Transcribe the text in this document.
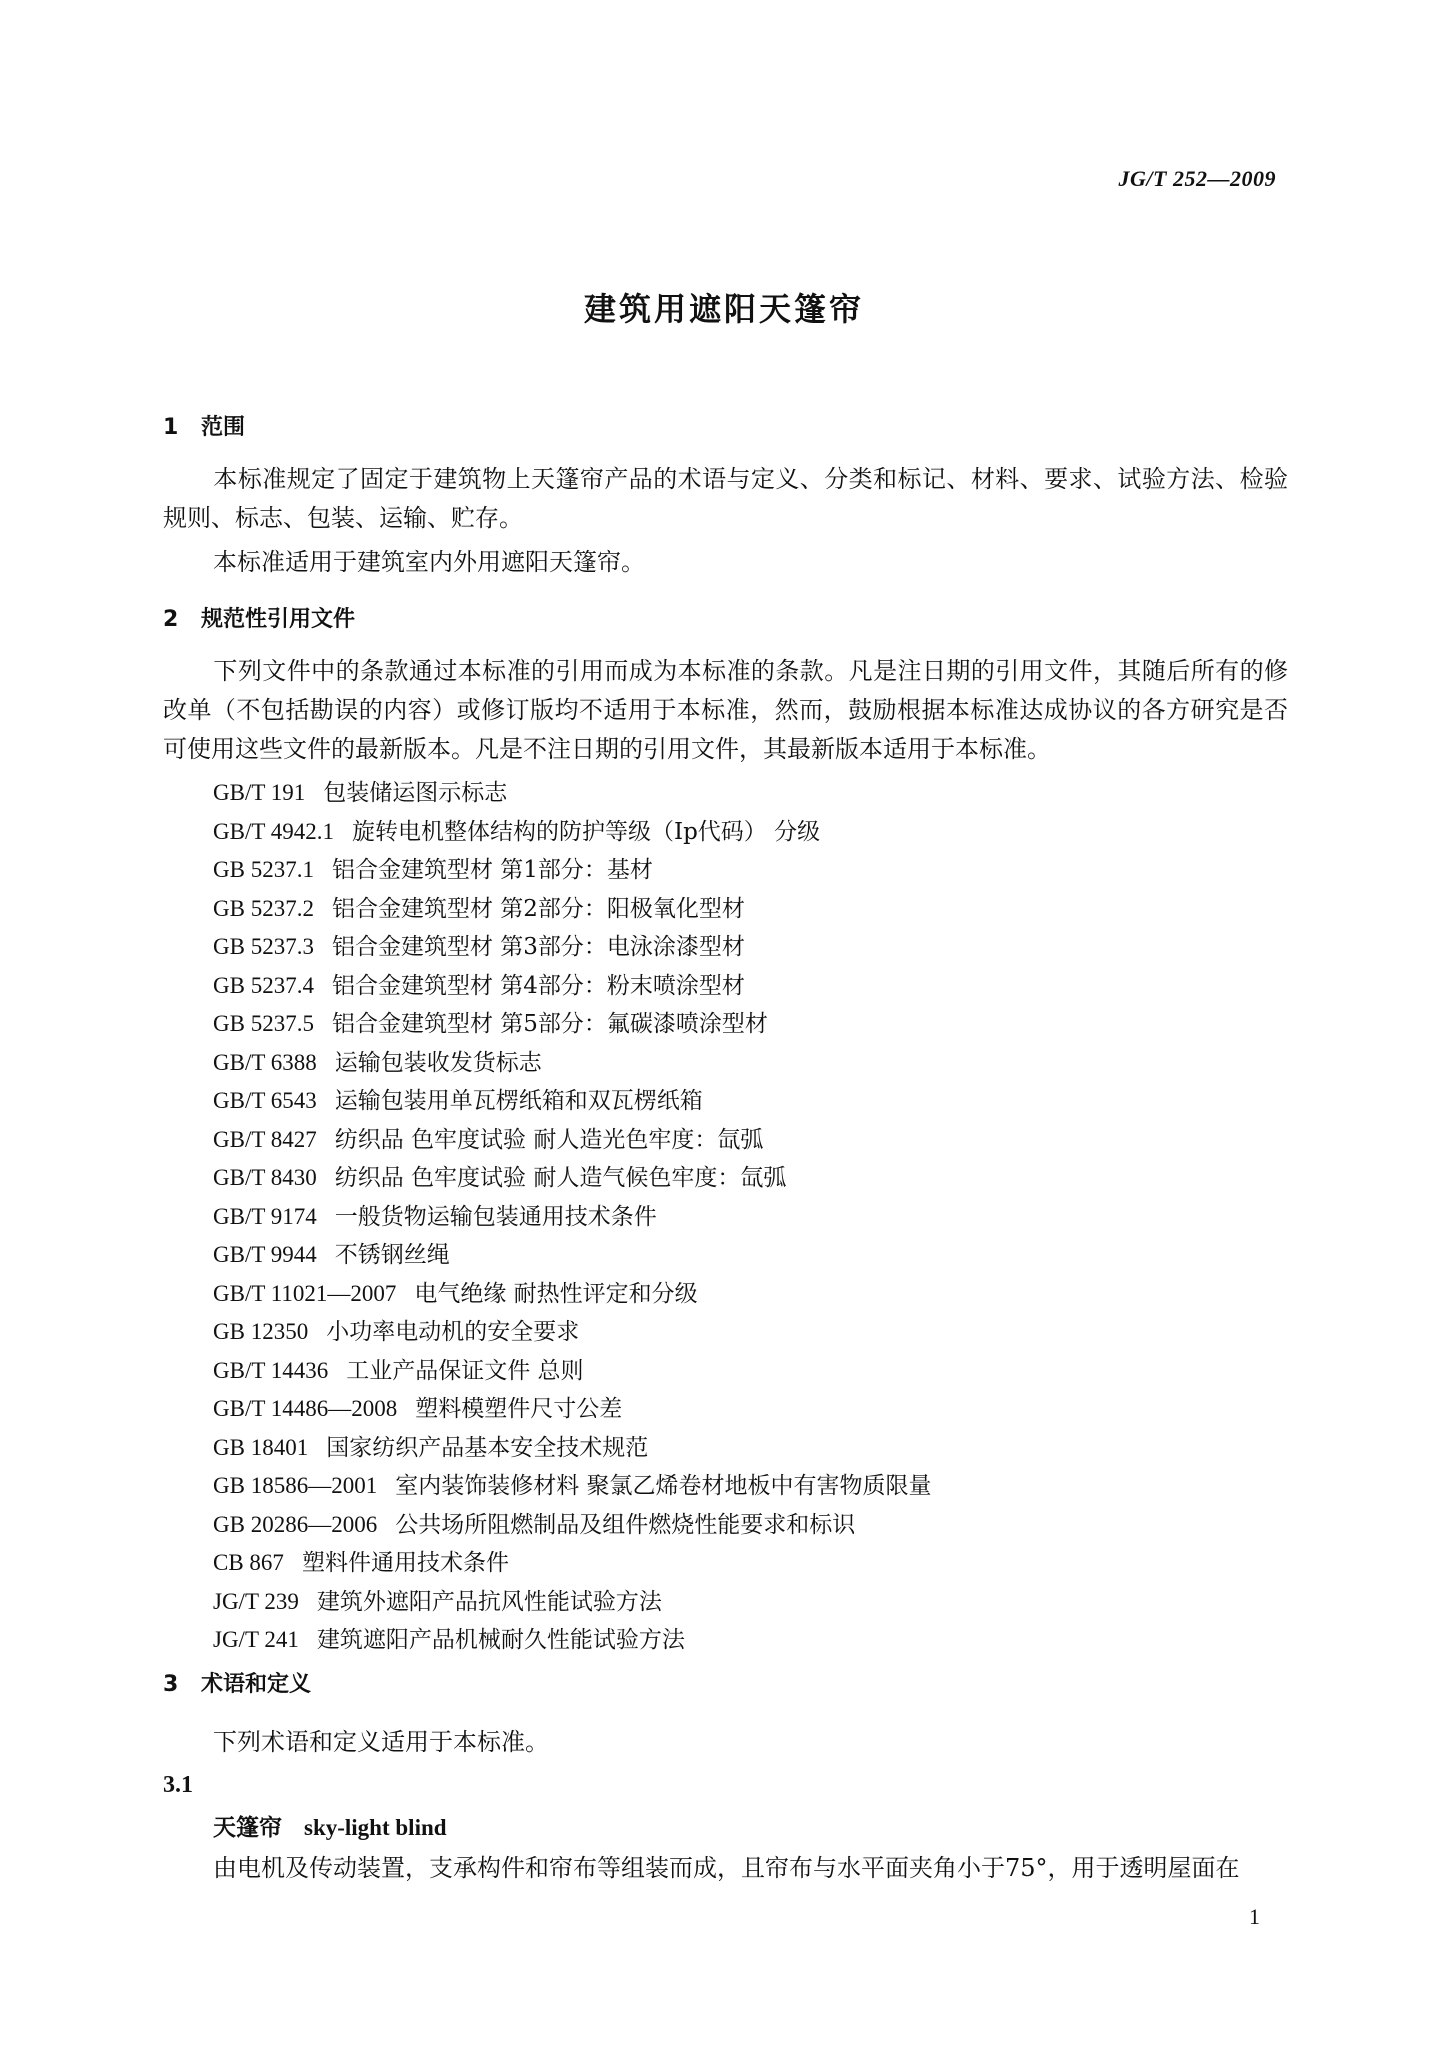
JG/T 252—2009
建筑用遮阳天篷帘
1 范围
本标准规定了固定于建筑物上天篷帘产品的术语与定义、分类和标记、材料、要求、试验方法、检验规则、标志、包装、运输、贮存。
本标准适用于建筑室内外用遮阳天篷帘。
2 规范性引用文件
下列文件中的条款通过本标准的引用而成为本标准的条款。凡是注日期的引用文件，其随后所有的修改单（不包括勘误的内容）或修订版均不适用于本标准，然而，鼓励根据本标准达成协议的各方研究是否可使用这些文件的最新版本。凡是不注日期的引用文件，其最新版本适用于本标准。
GB/T 191 包装储运图示标志
GB/T 4942.1 旋转电机整体结构的防护等级（Ip代码） 分级
GB 5237.1 铝合金建筑型材 第1部分：基材
GB 5237.2 铝合金建筑型材 第2部分：阳极氧化型材
GB 5237.3 铝合金建筑型材 第3部分：电泳涂漆型材
GB 5237.4 铝合金建筑型材 第4部分：粉末喷涂型材
GB 5237.5 铝合金建筑型材 第5部分：氟碳漆喷涂型材
GB/T 6388 运输包装收发货标志
GB/T 6543 运输包装用单瓦楞纸箱和双瓦楞纸箱
GB/T 8427 纺织品 色牢度试验 耐人造光色牢度：氙弧
GB/T 8430 纺织品 色牢度试验 耐人造气候色牢度：氙弧
GB/T 9174 一般货物运输包装通用技术条件
GB/T 9944 不锈钢丝绳
GB/T 11021—2007 电气绝缘 耐热性评定和分级
GB 12350 小功率电动机的安全要求
GB/T 14436 工业产品保证文件 总则
GB/T 14486—2008 塑料模塑件尺寸公差
GB 18401 国家纺织产品基本安全技术规范
GB 18586—2001 室内装饰装修材料 聚氯乙烯卷材地板中有害物质限量
GB 20286—2006 公共场所阻燃制品及组件燃烧性能要求和标识
CB 867 塑料件通用技术条件
JG/T 239 建筑外遮阳产品抗风性能试验方法
JG/T 241 建筑遮阳产品机械耐久性能试验方法
3 术语和定义
下列术语和定义适用于本标准。
3.1
天篷帘 sky-light blind
由电机及传动装置，支承构件和帘布等组装而成，且帘布与水平面夹角小于75°，用于透明屋面在
1
